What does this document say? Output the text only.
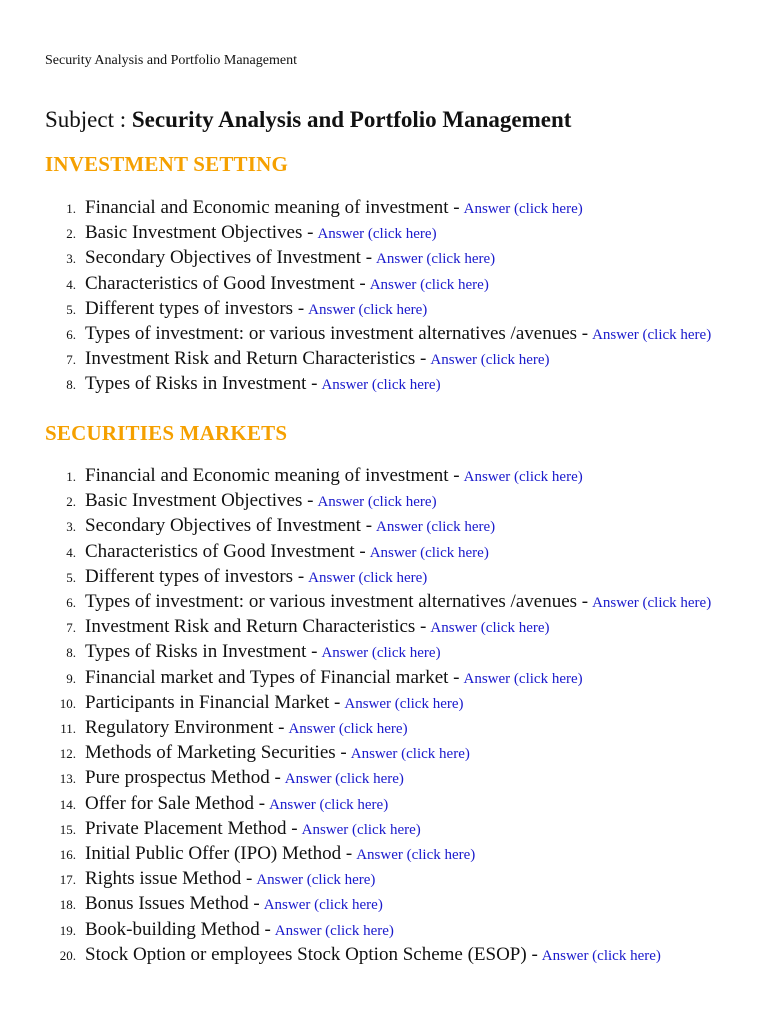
Security Analysis and Portfolio Management
Subject : Security Analysis and Portfolio Management
INVESTMENT SETTING
1. Financial and Economic meaning of investment - Answer (click here)
2. Basic Investment Objectives - Answer (click here)
3. Secondary Objectives of Investment - Answer (click here)
4. Characteristics of Good Investment - Answer (click here)
5. Different types of investors - Answer (click here)
6. Types of investment: or various investment alternatives /avenues - Answer (click here)
7. Investment Risk and Return Characteristics - Answer (click here)
8. Types of Risks in Investment - Answer (click here)
SECURITIES MARKETS
1. Financial and Economic meaning of investment - Answer (click here)
2. Basic Investment Objectives - Answer (click here)
3. Secondary Objectives of Investment - Answer (click here)
4. Characteristics of Good Investment - Answer (click here)
5. Different types of investors - Answer (click here)
6. Types of investment: or various investment alternatives /avenues - Answer (click here)
7. Investment Risk and Return Characteristics - Answer (click here)
8. Types of Risks in Investment - Answer (click here)
9. Financial market and Types of Financial market - Answer (click here)
10. Participants in Financial Market - Answer (click here)
11. Regulatory Environment - Answer (click here)
12. Methods of Marketing Securities - Answer (click here)
13. Pure prospectus Method - Answer (click here)
14. Offer for Sale Method - Answer (click here)
15. Private Placement Method - Answer (click here)
16. Initial Public Offer (IPO) Method - Answer (click here)
17. Rights issue Method - Answer (click here)
18. Bonus Issues Method - Answer (click here)
19. Book-building Method - Answer (click here)
20. Stock Option or employees Stock Option Scheme (ESOP) - Answer (click here)
